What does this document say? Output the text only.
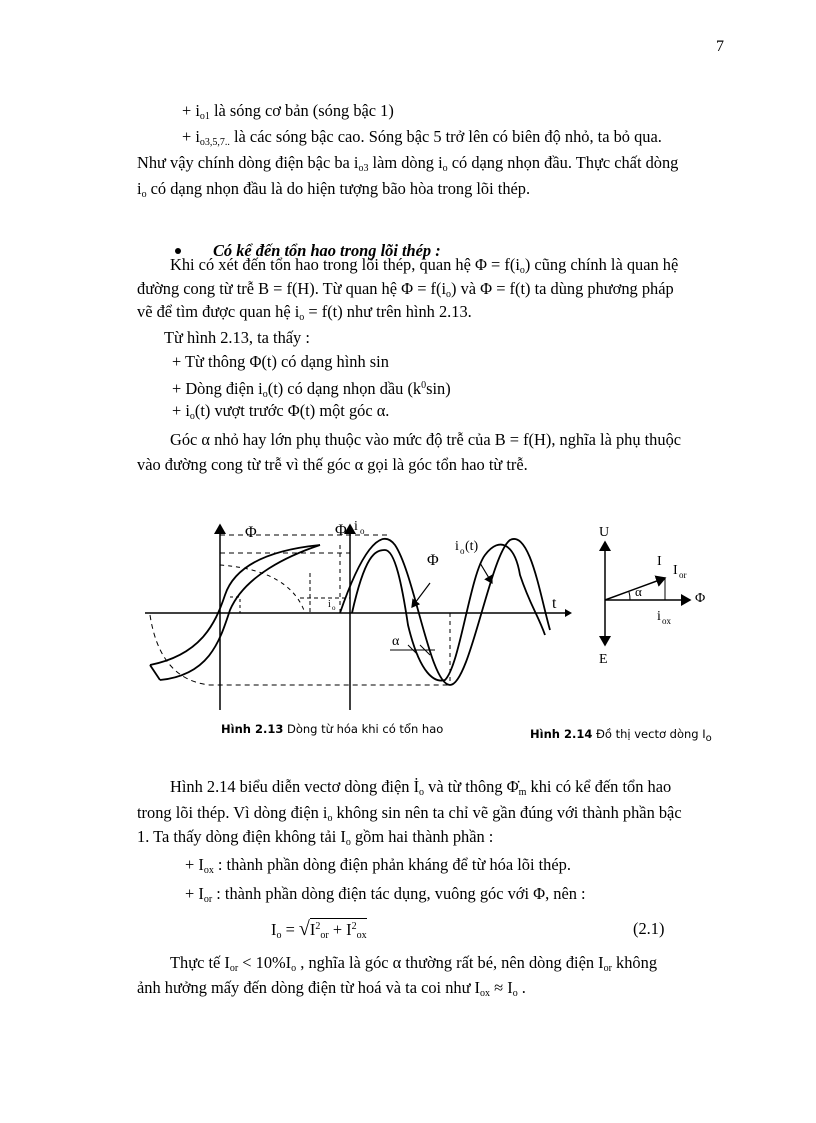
7
+ $i_{o1}$ là sóng cơ bản (sóng bậc 1)
+ $i_{o3,5,7..}$ là các sóng bậc cao. Sóng bậc 5 trở lên có biên độ nhỏ, ta bỏ qua.
Như vậy chính dòng điện bậc ba $i_{o3}$ làm dòng $i_o$ có dạng nhọn đầu. Thực chất dòng
$i_o$ có dạng nhọn đầu là do hiện tượng bão hòa trong lõi thép.
Có kể đến tổn hao trong lõi thép :
Khi có xét đến tổn hao trong lõi thép, quan hệ $\Phi = f(i_o)$ cũng chính là quan hệ
đường cong từ trễ B = f(H). Từ quan hệ $\Phi = f(i_o)$ và Φ = f(t) ta dùng phương pháp
vẽ để tìm được quan hệ $i_o = f(t)$ như trên hình 2.13.
Từ hình 2.13, ta thấy :
+ Từ thông Φ(t) có dạng hình sin
+ Dòng điện $i_o(t)$ có dạng nhọn dầu $(k^0\sin)$
+ $i_o(t)$ vượt trước Φ(t) một góc α.
Góc α nhỏ hay lớn phụ thuộc vào mức độ trễ của B = f(H), nghĩa là phụ thuộc
vào đường cong từ trễ vì thế góc α gọi là góc tổn hao từ trễ.
Φ	Φ i o
i o (t)
Φ
t
α
i o
U
I
I or
α	Φ
i ox
E
Hình 2.13 Dòng từ hóa khi có tổn hao	Hình 2.14 Đồ thị vectơ dòng $I_o$
Hình 2.14 biểu diễn vectơ dòng điện $İ_o$ và từ thông $\Phi̇_m$ khi có kể đến tổn hao
trong lõi thép. Vì dòng điện $i_o$ không sin nên ta chỉ vẽ gần đúng với thành phần bậc
1. Ta thấy dòng điện không tải $I_o$ gồm hai thành phần :
+ $I_{ox}$ : thành phần dòng điện phản kháng để từ hóa lõi thép.
+ $I_{or}$ : thành phần dòng điện tác dụng, vuông góc với Φ, nên :
$I_o = √I^2_{or} + I^2_{ox}$	(2.1)
Thực tế $I_{or} < 10\%I_o$ , nghĩa là góc α thường rất bé, nên dòng điện $I_{or}$ không
ảnh hưởng mấy đến dòng điện từ hoá và ta coi như $I_{ox} \approx I_o$ .
